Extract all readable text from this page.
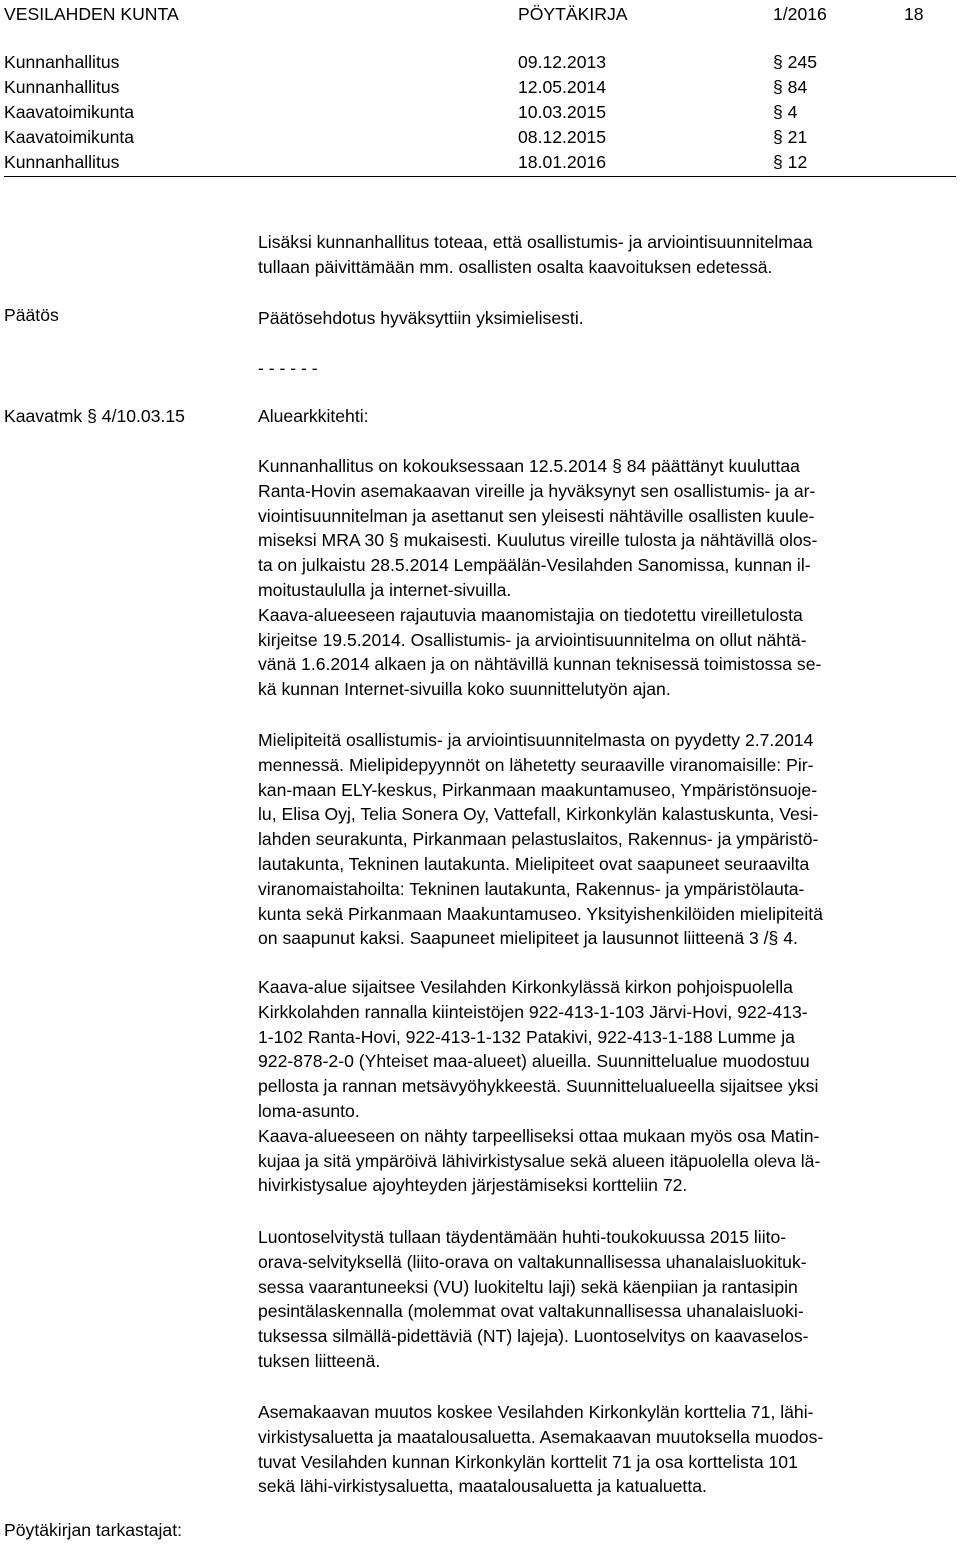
VESILAHDEN KUNTA	PÖYTÄKIRJA	1/2016	18
Kunnanhallitus	09.12.2013	§ 245
Kunnanhallitus	12.05.2014	§ 84
Kaavatoimikunta	10.03.2015	§ 4
Kaavatoimikunta	08.12.2015	§ 21
Kunnanhallitus	18.01.2016	§ 12
Lisäksi kunnanhallitus toteaa, että osallistumis- ja arviointisuunnitelmaa
tullaan päivittämään mm. osallisten osalta kaavoituksen edetessä.
Päätös	Päätösehdotus hyväksyttiin yksimielisesti.
- - - - - -
Kaavatmk § 4/10.03.15	Aluearkkitehti:
Kunnanhallitus on kokouksessaan 12.5.2014 § 84 päättänyt kuuluttaa
Ranta-Hovin asemakaavan vireille ja hyväksynyt sen osallistumis- ja ar-
viointisuunnitelman ja asettanut sen yleisesti nähtäville osallisten kuule-
miseksi MRA 30 § mukaisesti. Kuulutus vireille tulosta ja nähtävillä olos-
ta on julkaistu 28.5.2014 Lempäälän-Vesilahden Sanomissa, kunnan il-
moitustaululla ja internet-sivuilla.
Kaava-alueeseen rajautuvia maanomistajia on tiedotettu vireilletulosta
kirjeitse 19.5.2014. Osallistumis- ja arviointisuunnitelma on ollut nähtä-
vänä 1.6.2014 alkaen ja on nähtävillä kunnan teknisessä toimistossa se-
kä kunnan Internet-sivuilla koko suunnittelutyön ajan.
Mielipiteitä osallistumis- ja arviointisuunnitelmasta on pyydetty 2.7.2014
mennessä. Mielipidepyynnöt on lähetetty seuraaville viranomaisille: Pir-
kan-maan ELY-keskus, Pirkanmaan maakuntamuseo, Ympäristönsuoje-
lu, Elisa Oyj, Telia Sonera Oy, Vattefall, Kirkonkylän kalastuskunta, Vesi-
lahden seurakunta, Pirkanmaan pelastuslaitos, Rakennus- ja ympäristö-
lautakunta, Tekninen lautakunta. Mielipiteet ovat saapuneet seuraavilta
viranomaistahoilta: Tekninen lautakunta, Rakennus- ja ympäristölauta-
kunta sekä Pirkanmaan Maakuntamuseo. Yksityishenkilöiden mielipiteitä
on saapunut kaksi. Saapuneet mielipiteet ja lausunnot liitteenä 3 /§ 4.
Kaava-alue sijaitsee Vesilahden Kirkonkylässä kirkon pohjoispuolella
Kirkkolahden rannalla kiinteistöjen 922-413-1-103 Järvi-Hovi, 922-413-
1-102 Ranta-Hovi, 922-413-1-132 Patakivi, 922-413-1-188 Lumme ja
922-878-2-0 (Yhteiset maa-alueet) alueilla. Suunnittelualue muodostuu
pellosta ja rannan metsävyöhykkeestä. Suunnittelualueella sijaitsee yksi
loma-asunto.
Kaava-alueeseen on nähty tarpeelliseksi ottaa mukaan myös osa Matin-
kujaa ja sitä ympäröivä lähivirkistysalue sekä alueen itäpuolella oleva lä-
hivirkistysalue ajoyhteyden järjestämiseksi kortteliin 72.
Luontoselvitystä tullaan täydentämään huhti-toukokuussa 2015 liito-
orava-selvityksellä (liito-orava on valtakunnallisessa uhanalaisluokituk-
sessa vaarantuneeksi (VU) luokiteltu laji) sekä käenpiian ja rantasipin
pesintälaskennalla (molemmat ovat valtakunnallisessa uhanalaisluoki-
tuksessa silmällä-pidettäviä (NT) lajeja). Luontoselvitys on kaavaselos-
tuksen liitteenä.
Asemakaavan muutos koskee Vesilahden Kirkonkylän korttelia 71, lähi-
virkistysaluetta ja maatalousaluetta. Asemakaavan muutoksella muodos-
tuvat Vesilahden kunnan Kirkonkylän korttelit 71 ja osa korttelista 101
sekä lähi-virkistysaluetta, maatalousaluetta ja katualuetta.
Pöytäkirjan tarkastajat:
